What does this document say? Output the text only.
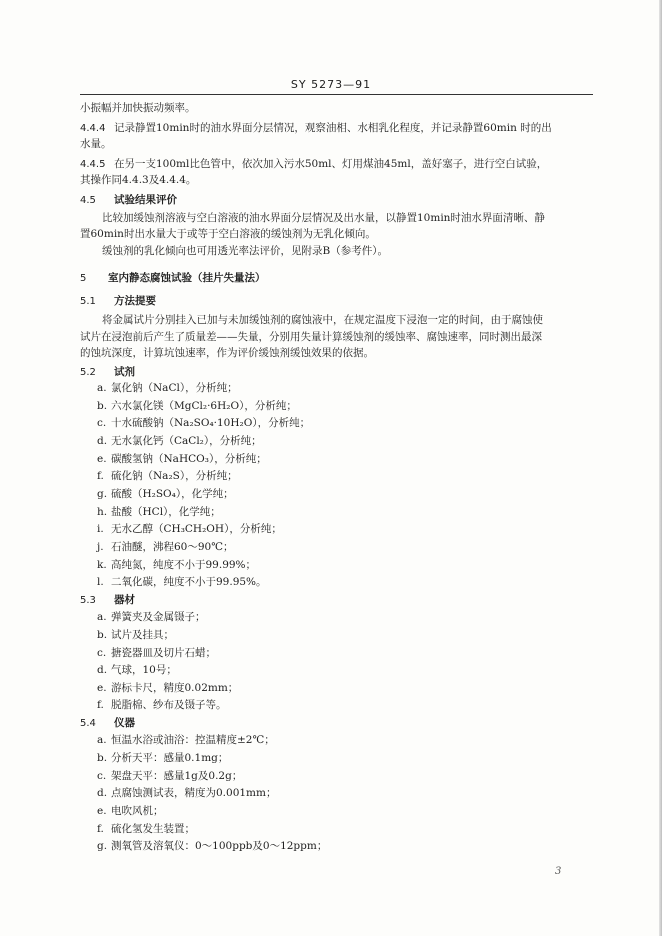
SY 5273—91
小振幅并加快振动频率。
4.4.4 记录静置10min时的油水界面分层情况，观察油相、水相乳化程度，并记录静置60min 时的出
水量。
4.4.5 在另一支100ml比色管中，依次加入污水50ml、灯用煤油45ml，盖好塞子，进行空白试验，
其操作同4.4.3及4.4.4。
4.5 试验结果评价
比较加缓蚀剂溶液与空白溶液的油水界面分层情况及出水量，以静置10min时油水界面清晰、静
置60min时出水量大于或等于空白溶液的缓蚀剂为无乳化倾向。
缓蚀剂的乳化倾向也可用透光率法评价，见附录B（参考件）。
5 室内静态腐蚀试验（挂片失量法）
5.1 方法提要
将金属试片分别挂入已加与未加缓蚀剂的腐蚀液中，在规定温度下浸泡一定的时间，由于腐蚀使
试片在浸泡前后产生了质量差——失量，分别用失量计算缓蚀剂的缓蚀率、腐蚀速率，同时测出最深
的蚀坑深度，计算坑蚀速率，作为评价缓蚀剂缓蚀效果的依据。
5.2 试剂
a. 氯化钠（NaCl），分析纯；
b. 六水氯化镁（MgCl₂·6H₂O），分析纯；
c. 十水硫酸钠（Na₂SO₄·10H₂O），分析纯；
d. 无水氯化钙（CaCl₂），分析纯；
e. 碳酸氢钠（NaHCO₃），分析纯；
f. 硫化钠（Na₂S），分析纯；
g. 硫酸（H₂SO₄），化学纯；
h. 盐酸（HCl），化学纯；
i. 无水乙醇（CH₃CH₂OH），分析纯；
j. 石油醚，沸程60～90℃；
k. 高纯氮，纯度不小于99.99%；
l. 二氧化碳，纯度不小于99.95%。
5.3 器材
a. 弹簧夹及金属镊子；
b. 试片及挂具；
c. 搪瓷器皿及切片石蜡；
d. 气球，10号；
e. 游标卡尺，精度0.02mm；
f. 脱脂棉、纱布及镊子等。
5.4 仪器
a. 恒温水浴或油浴：控温精度±2℃；
b. 分析天平：感量0.1mg；
c. 架盘天平：感量1g及0.2g；
d. 点腐蚀测试表，精度为0.001mm；
e. 电吹风机；
f. 硫化氢发生装置；
g. 测氧管及溶氧仪：0～100ppb及0～12ppm；
3
